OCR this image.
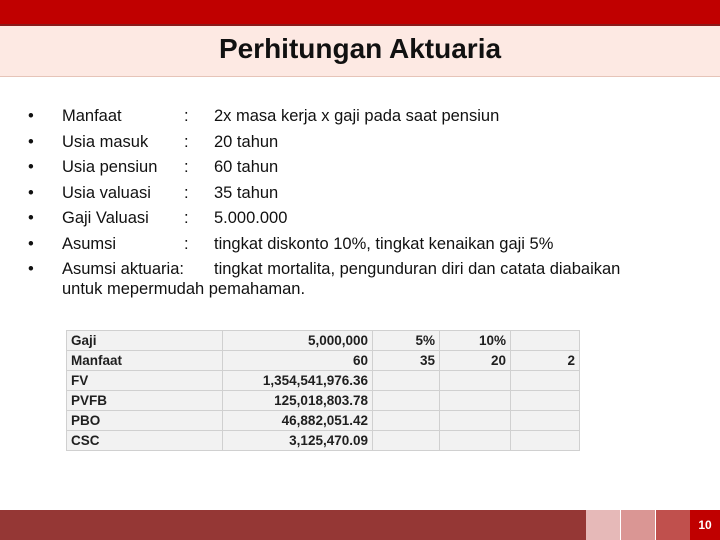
Perhitungan Aktuaria
• Manfaat	: 2x masa kerja x gaji pada saat pensiun
• Usia masuk : 20 tahun
• Usia pensiun : 60 tahun
• Usia valuasi : 35 tahun
• Gaji Valuasi : 5.000.000
• Asumsi	: tingkat diskonto 10%, tingkat kenaikan gaji 5%
• Asumsi aktuaria: tingkat mortalita, pengunduran diri dan catata diabaikan
untuk mepermudah pemahaman.
Gaji	5,000,000	5%	10%	
Manfaat	60	35	20	2
FV	1,354,541,976.36			
PVFB	125,018,803.78			
PBO	46,882,051.42			
CSC	3,125,470.09			
10
